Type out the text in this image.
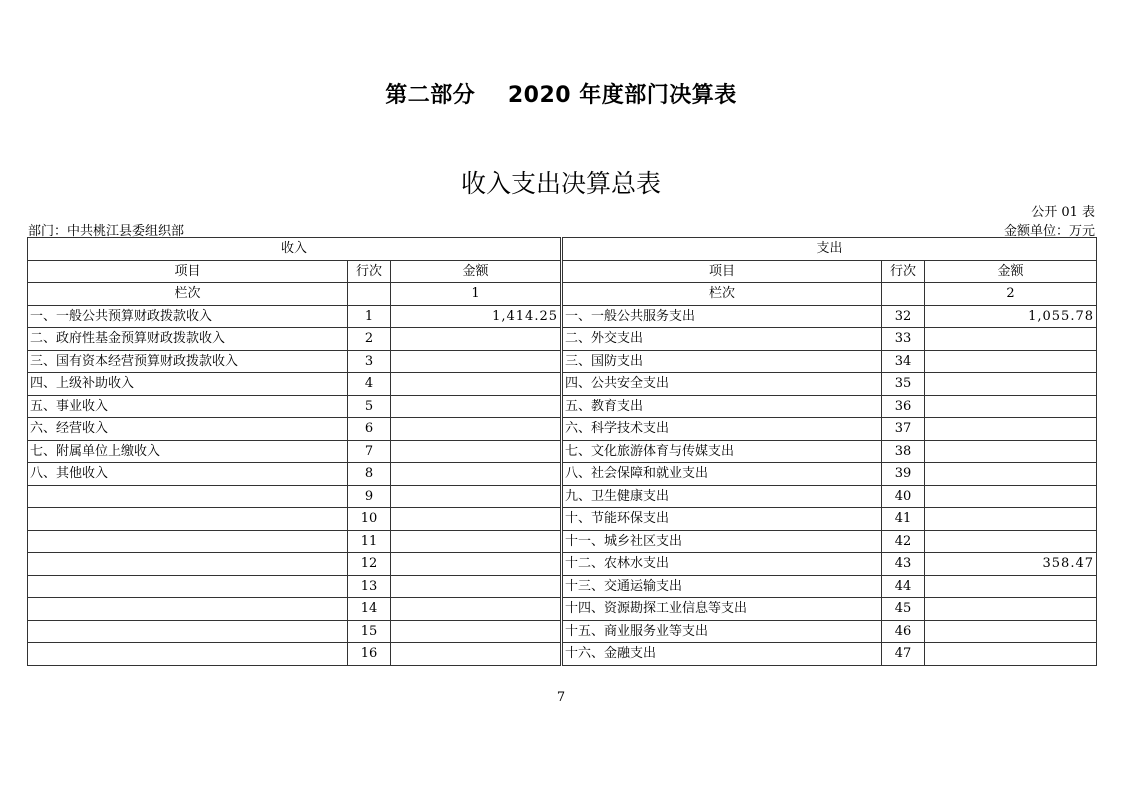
第二部分    2020 年度部门决算表
收入支出决算总表
公开 01 表
部门：中共桃江县委组织部	金额单位：万元
收入			支出		
项目	行次	金额	项目	行次	金额
栏次		1	栏次		2
一、一般公共预算财政拨款收入	1	1,414.25	一、一般公共服务支出	32	1,055.78
二、政府性基金预算财政拨款收入	2		二、外交支出	33	
三、国有资本经营预算财政拨款收入	3		三、国防支出	34	
四、上级补助收入	4		四、公共安全支出	35	
五、事业收入	5		五、教育支出	36	
六、经营收入	6		六、科学技术支出	37	
七、附属单位上缴收入	7		七、文化旅游体育与传媒支出	38	
八、其他收入	8		八、社会保障和就业支出	39	
	9		九、卫生健康支出	40	
	10		十、节能环保支出	41	
	11		十一、城乡社区支出	42	
	12		十二、农林水支出	43	358.47
	13		十三、交通运输支出	44	
	14		十四、资源勘探工业信息等支出	45	
	15		十五、商业服务业等支出	46	
	16		十六、金融支出	47	
7
